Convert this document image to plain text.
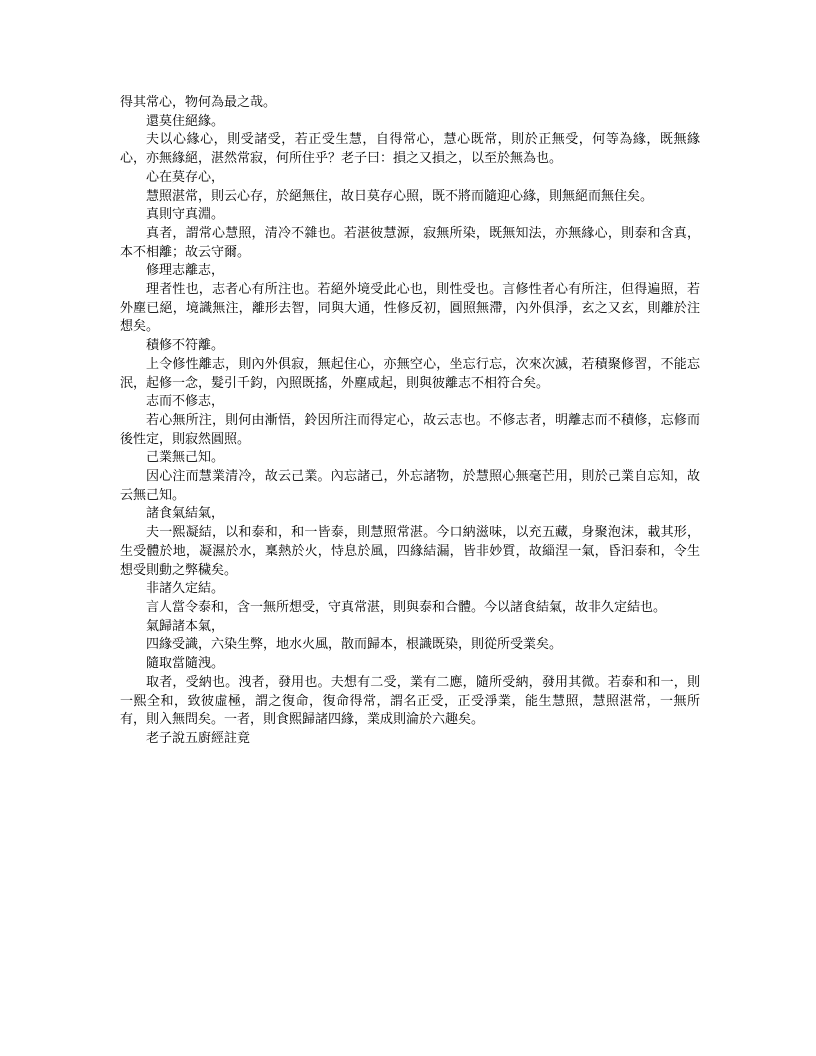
得其常心，物何為最之哉。

還莫住絕緣。

夫以心緣心，則受諸受，若正受生慧，自得常心，慧心既常，則於正無受，何等為緣，既無緣心，亦無緣絕，湛然常寂，何所住乎？老子曰：損之又損之，以至於無為也。

心在莫存心，

慧照湛常，則云心存，於絕無住，故日莫存心照，既不將而隨迎心緣，則無絕而無住矣。

真則守真淵。

真者，謂常心慧照，清冷不雜也。若湛彼慧源，寂無所染，既無知法，亦無緣心，則泰和含真，本不相離；故云守爾。

修理志離志，

理者性也，志者心有所注也。若絕外境受此心也，則性受也。言修性者心有所注，但得遍照，若外塵已絕，境識無注，離形去智，同與大通，性修反初，圓照無滯，內外俱淨，玄之又玄，則離於注想矣。

積修不符離。

上令修性離志，則內外俱寂，無起住心，亦無空心，坐忘行忘，次來次滅，若積聚修習，不能忘泯，起修一念，髮引千鈞，內照既搖，外塵咸起，則與彼離志不相符合矣。

志而不修志，

若心無所注，則何由漸悟，鈴因所注而得定心，故云志也。不修志者，明離志而不積修，忘修而後性定，則寂然圓照。

己業無己知。

因心注而慧業清冷，故云己業。內忘諸己，外忘諸物，於慧照心無毫芒用，則於己業自忘知，故云無己知。

諸食氣結氣，

夫一熙凝結，以和泰和，和一皆泰，則慧照常湛。今口納滋味，以充五藏，身聚泡沫，載其形，生受體於地，凝濕於水，稟熱於火，恃息於風，四緣結漏，皆非妙質，故緇涅一氣，昏汩泰和，令生想受則動之弊穢矣。

非諸久定結。

言人當令泰和，含一無所想受，守真常湛，則與泰和合體。今以諸食結氣，故非久定結也。

氣歸諸本氣，

四緣受識，六染生弊，地水火風，散而歸本，根識既染，則從所受業矣。

隨取當隨洩。

取者，受納也。洩者，發用也。夫想有二受，業有二應，隨所受納，發用其微。若泰和和一，則一熙全和，致彼虛極，謂之復命，復命得常，謂名正受，正受淨業，能生慧照，慧照湛常，一無所有，則入無問矣。一者，則食熙歸諸四緣，業成則淪於六趣矣。

老子說五廚經註竟
